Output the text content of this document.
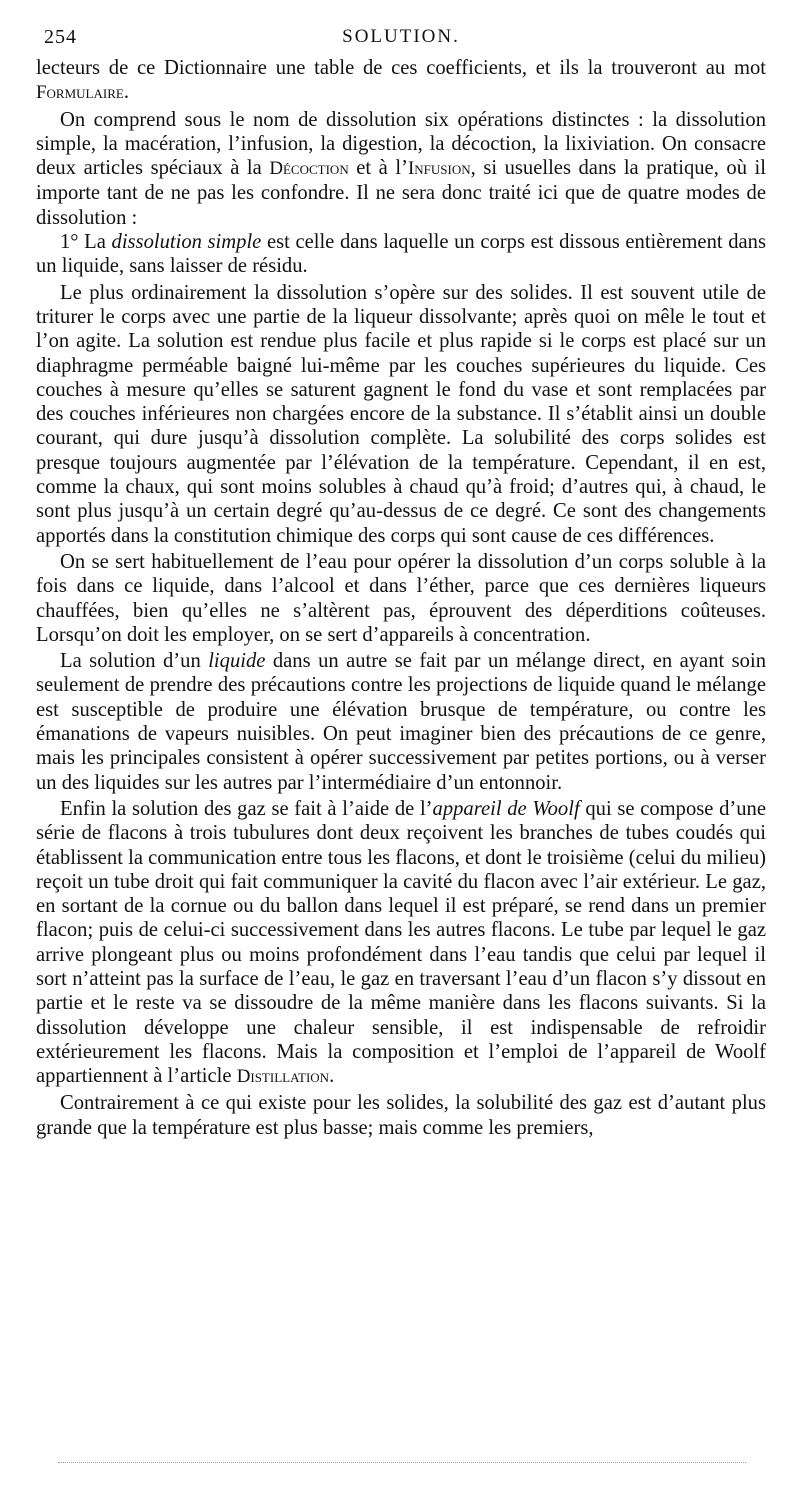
254	SOLUTION.

lecteurs de ce Dictionnaire une table de ces coefficients, et ils la trouveront au mot Formulaire.

On comprend sous le nom de dissolution six opérations distinctes : la dissolution simple, la macération, l’infusion, la digestion, la décoction, la lixiviation. On consacre deux articles spéciaux à la Décoction et à l’Infusion, si usuelles dans la pratique, où il importe tant de ne pas les confondre. Il ne sera donc traité ici que de quatre modes de dissolution :

1° La dissolution simple est celle dans laquelle un corps est dissous entièrement dans un liquide, sans laisser de résidu.

Le plus ordinairement la dissolution s’opère sur des solides. Il est souvent utile de triturer le corps avec une partie de la liqueur dissolvante; après quoi on mêle le tout et l’on agite. La solution est rendue plus facile et plus rapide si le corps est placé sur un diaphragme perméable baigné lui-même par les couches supérieures du liquide. Ces couches à mesure qu’elles se saturent gagnent le fond du vase et sont remplacées par des couches inférieures non chargées encore de la substance. Il s’établit ainsi un double courant, qui dure jusqu’à dissolution complète. La solubilité des corps solides est presque toujours augmentée par l’élévation de la température. Cependant, il en est, comme la chaux, qui sont moins solubles à chaud qu’à froid; d’autres qui, à chaud, le sont plus jusqu’à un certain degré qu’au-dessus de ce degré. Ce sont des changements apportés dans la constitution chimique des corps qui sont cause de ces différences.

On se sert habituellement de l’eau pour opérer la dissolution d’un corps soluble à la fois dans ce liquide, dans l’alcool et dans l’éther, parce que ces dernières liqueurs chauffées, bien qu’elles ne s’altèrent pas, éprouvent des déperditions coûteuses. Lorsqu’on doit les employer, on se sert d’appareils à concentration.

La solution d’un liquide dans un autre se fait par un mélange direct, en ayant soin seulement de prendre des précautions contre les projections de liquide quand le mélange est susceptible de produire une élévation brusque de température, ou contre les émanations de vapeurs nuisibles. On peut imaginer bien des précautions de ce genre, mais les principales consistent à opérer successivement par petites portions, ou à verser un des liquides sur les autres par l’intermédiaire d’un entonnoir.

Enfin la solution des gaz se fait à l’aide de l’appareil de Woolf qui se compose d’une série de flacons à trois tubulures dont deux reçoivent les branches de tubes coudés qui établissent la communication entre tous les flacons, et dont le troisième (celui du milieu) reçoit un tube droit qui fait communiquer la cavité du flacon avec l’air extérieur. Le gaz, en sortant de la cornue ou du ballon dans lequel il est préparé, se rend dans un premier flacon; puis de celui-ci successivement dans les autres flacons. Le tube par lequel le gaz arrive plongeant plus ou moins profondément dans l’eau tandis que celui par lequel il sort n’atteint pas la surface de l’eau, le gaz en traversant l’eau d’un flacon s’y dissout en partie et le reste va se dissoudre de la même manière dans les flacons suivants. Si la dissolution développe une chaleur sensible, il est indispensable de refroidir extérieurement les flacons. Mais la composition et l’emploi de l’appareil de Woolf appartiennent à l’article Distillation.

Contrairement à ce qui existe pour les solides, la solubilité des gaz est d’autant plus grande que la température est plus basse; mais comme les premiers,
